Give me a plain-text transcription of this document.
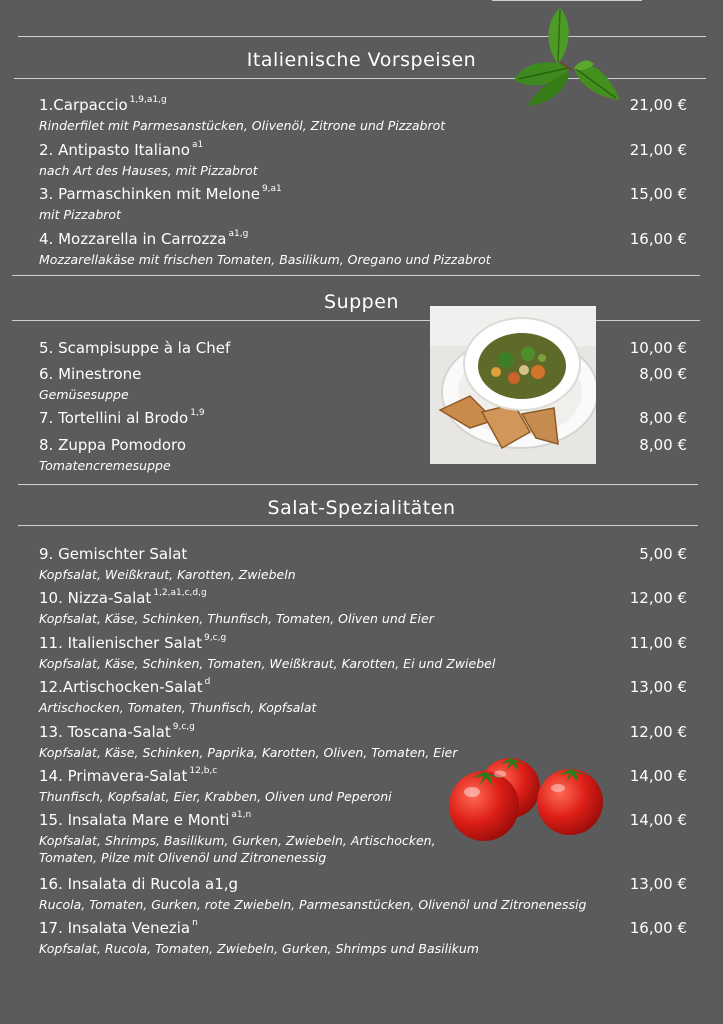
Italienische Vorspeisen
1.Carpaccio $^{1,9,a1,g}$	21,00 €
Rinderfilet mit Parmesanstücken, Olivenöl, Zitrone und Pizzabrot
2. Antipasto Italiano $^{a1}$	21,00 €
nach Art des Hauses, mit Pizzabrot
3. Parmaschinken mit Melone $^{9,a1}$	15,00 €
mit Pizzabrot
4. Mozzarella in Carrozza $^{a1,g}$	16,00 €
Mozzarellakäse mit frischen Tomaten, Basilikum, Oregano und Pizzabrot
Suppen
5. Scampisuppe à la Chef	10,00 €
6. Minestrone	8,00 €
Gemüsesuppe
7. Tortellini al Brodo $^{1,9}$	8,00 €
8. Zuppa Pomodoro	8,00 €
Tomatencremesuppe
Salat-Spezialitäten
9. Gemischter Salat	5,00 €
Kopfsalat, Weißkraut, Karotten, Zwiebeln
10. Nizza-Salat $^{1,2,a1,c,d,g}$	12,00 €
Kopfsalat, Käse, Schinken, Thunfisch, Tomaten, Oliven und Eier
11. Italienischer Salat $^{9,c,g}$	11,00 €
Kopfsalat, Käse, Schinken, Tomaten, Weißkraut, Karotten, Ei und Zwiebel
12.Artischocken-Salat $^d$	13,00 €
Artischocken, Tomaten, Thunfisch, Kopfsalat
13. Toscana-Salat $^{9,c,g}$	12,00 €
Kopfsalat, Käse, Schinken, Paprika, Karotten, Oliven, Tomaten, Eier
14. Primavera-Salat $^{12,b,c}$	14,00 €
Thunfisch, Kopfsalat, Eier, Krabben, Oliven und Peperoni
15. Insalata Mare e Monti $^{a1,n}$	14,00 €
Kopfsalat, Shrimps, Basilikum, Gurken, Zwiebeln, Artischocken,
Tomaten, Pilze mit Olivenöl und Zitronenessig
16. Insalata di Rucola a1,g	13,00 €
Rucola, Tomaten, Gurken, rote Zwiebeln, Parmesanstücken, Olivenöl und Zitronenessig
17. Insalata Venezia $^n$	16,00 €
Kopfsalat, Rucola, Tomaten, Zwiebeln, Gurken, Shrimps und Basilikum
